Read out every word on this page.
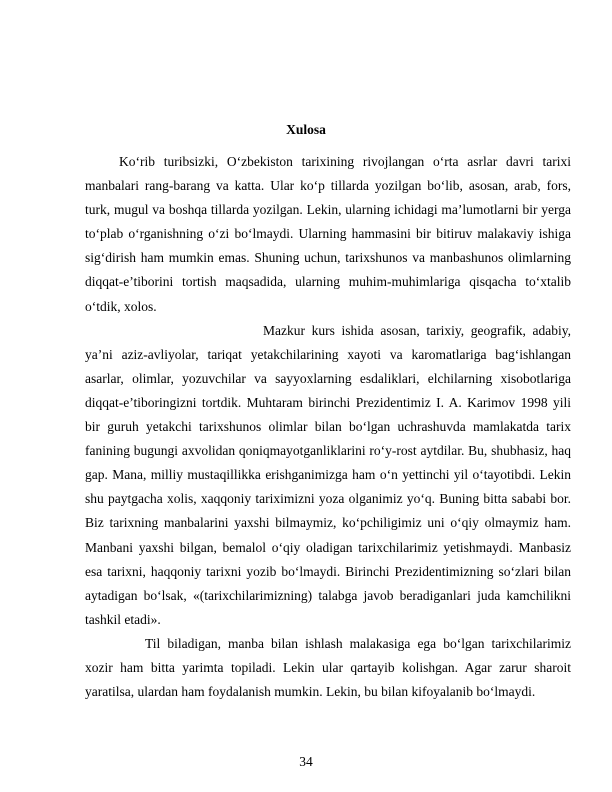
Xulosa

Ko‘rib turibsizki, O‘zbekiston tarixining rivojlangan o‘rta asrlar davri tarixi manbalari rang-barang va katta. Ular ko‘p tillarda yozilgan bo‘lib, asosan, arab, fors, turk, mugul va boshqa tillarda yozilgan. Lekin, ularning ichidagi ma’lumotlarni bir yerga to‘plab o‘rganishning oʻzi bo‘lmaydi. Ularning hammasini bir bitiruv malakaviy ishiga sig‘dirish ham mumkin emas. Shuning uchun, tarixshunos va manbashunos olimlarning diqqat-e’tiborini tortish maqsadida, ularning muhim-muhimlariga qisqacha to‘xtalib o‘tdik, xolos.

Mazkur kurs ishida asosan, tarixiy, geografik, adabiy, ya’ni aziz-avliyolar, tariqat yetakchilarining xayoti va karomatlariga bag‘ishlangan asarlar, olimlar, yozuvchilar va sayyoxlarning esdaliklari, elchilarning xisobotlariga diqqat-e’tiboringizni tortdik. Muhtaram birinchi Prezidentimiz I. A. Karimov 1998 yili bir guruh yetakchi tarixshunos olimlar bilan bo‘lgan uchrashuvda mamlakatda tarix fanining bugungi axvolidan qoniqmayotganliklarini ro‘y-rost aytdilar. Bu, shubhasiz, haq gap. Mana, milliy mustaqillikka erishganimizga ham o‘n yettinchi yil o‘tayotibdi. Lekin shu paytgacha xolis, xaqqoniy tariximizni yoza olganimiz yo‘q. Buning bitta sababi bor. Biz tarixning manbalarini yaxshi bilmaymiz, ko‘pchiligimiz uni o‘qiy olmaymiz ham. Manbani yaxshi bilgan, bemalol o‘qiy oladigan tarixchilarimiz yetishmaydi. Manbasiz esa tarixni, haqqoniy tarixni yozib bo‘lmaydi. Birinchi Prezidentimizning so‘zlari bilan aytadigan bo‘lsak, «(tarixchilarimizning) talabga javob beradiganlari juda kamchilikni tashkil etadi».

Til biladigan, manba bilan ishlash malakasiga ega bo‘lgan tarixchilarimiz xozir ham bitta yarimta topiladi. Lekin ular qartayib kolishgan. Agar zarur sharoit yaratilsa, ulardan ham foydalanish mumkin. Lekin, bu bilan kifoyalanib bo‘lmaydi.

34
